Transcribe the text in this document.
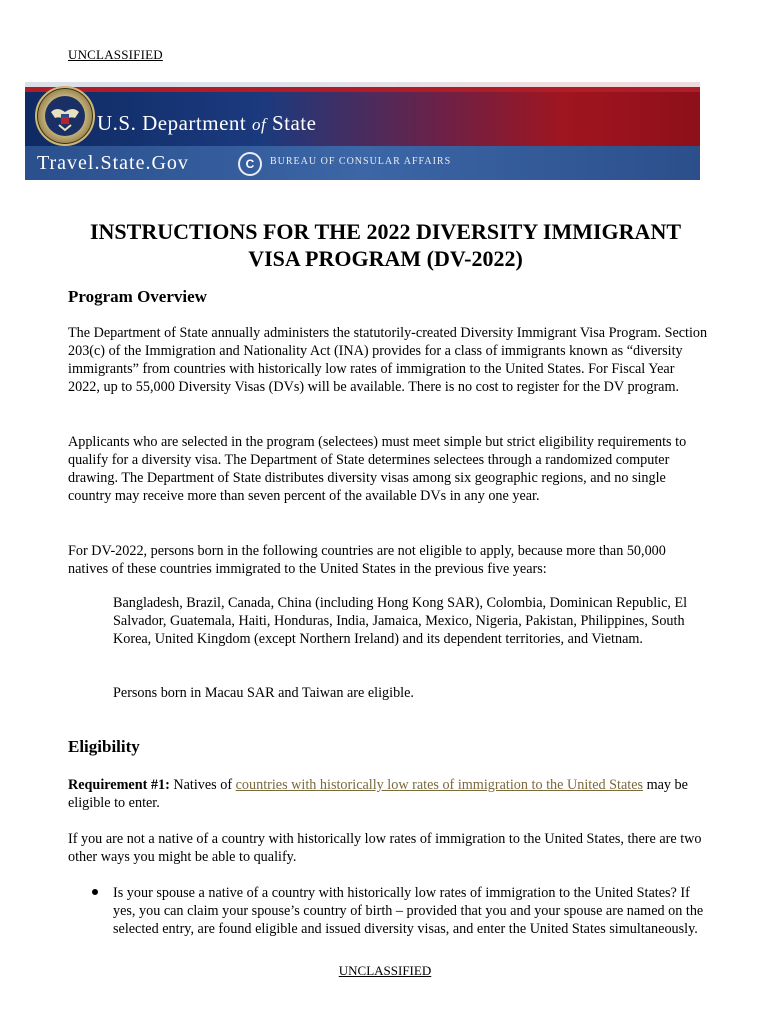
UNCLASSIFIED
U.S. Department of State
Travel.State.Gov	C	BUREAU OF CONSULAR AFFAIRS
INSTRUCTIONS FOR THE 2022 DIVERSITY IMMIGRANT VISA PROGRAM (DV-2022)
Program Overview

The Department of State annually administers the statutorily-created Diversity Immigrant Visa Program. Section 203(c) of the Immigration and Nationality Act (INA) provides for a class of immigrants known as “diversity immigrants” from countries with historically low rates of immigration to the United States. For Fiscal Year 2022, up to 55,000 Diversity Visas (DVs) will be available. There is no cost to register for the DV program.

Applicants who are selected in the program (selectees) must meet simple but strict eligibility requirements to qualify for a diversity visa. The Department of State determines selectees through a randomized computer drawing. The Department of State distributes diversity visas among six geographic regions, and no single country may receive more than seven percent of the available DVs in any one year.

For DV-2022, persons born in the following countries are not eligible to apply, because more than 50,000 natives of these countries immigrated to the United States in the previous five years:

Bangladesh, Brazil, Canada, China (including Hong Kong SAR), Colombia, Dominican Republic, El Salvador, Guatemala, Haiti, Honduras, India, Jamaica, Mexico, Nigeria, Pakistan, Philippines, South Korea, United Kingdom (except Northern Ireland) and its dependent territories, and Vietnam.

Persons born in Macau SAR and Taiwan are eligible.

Eligibility

Requirement #1: Natives of countries with historically low rates of immigration to the United States may be eligible to enter.

If you are not a native of a country with historically low rates of immigration to the United States, there are two other ways you might be able to qualify.

Is your spouse a native of a country with historically low rates of immigration to the United States? If yes, you can claim your spouse’s country of birth – provided that you and your spouse are named on the selected entry, are found eligible and issued diversity visas, and enter the United States simultaneously.

UNCLASSIFIED
